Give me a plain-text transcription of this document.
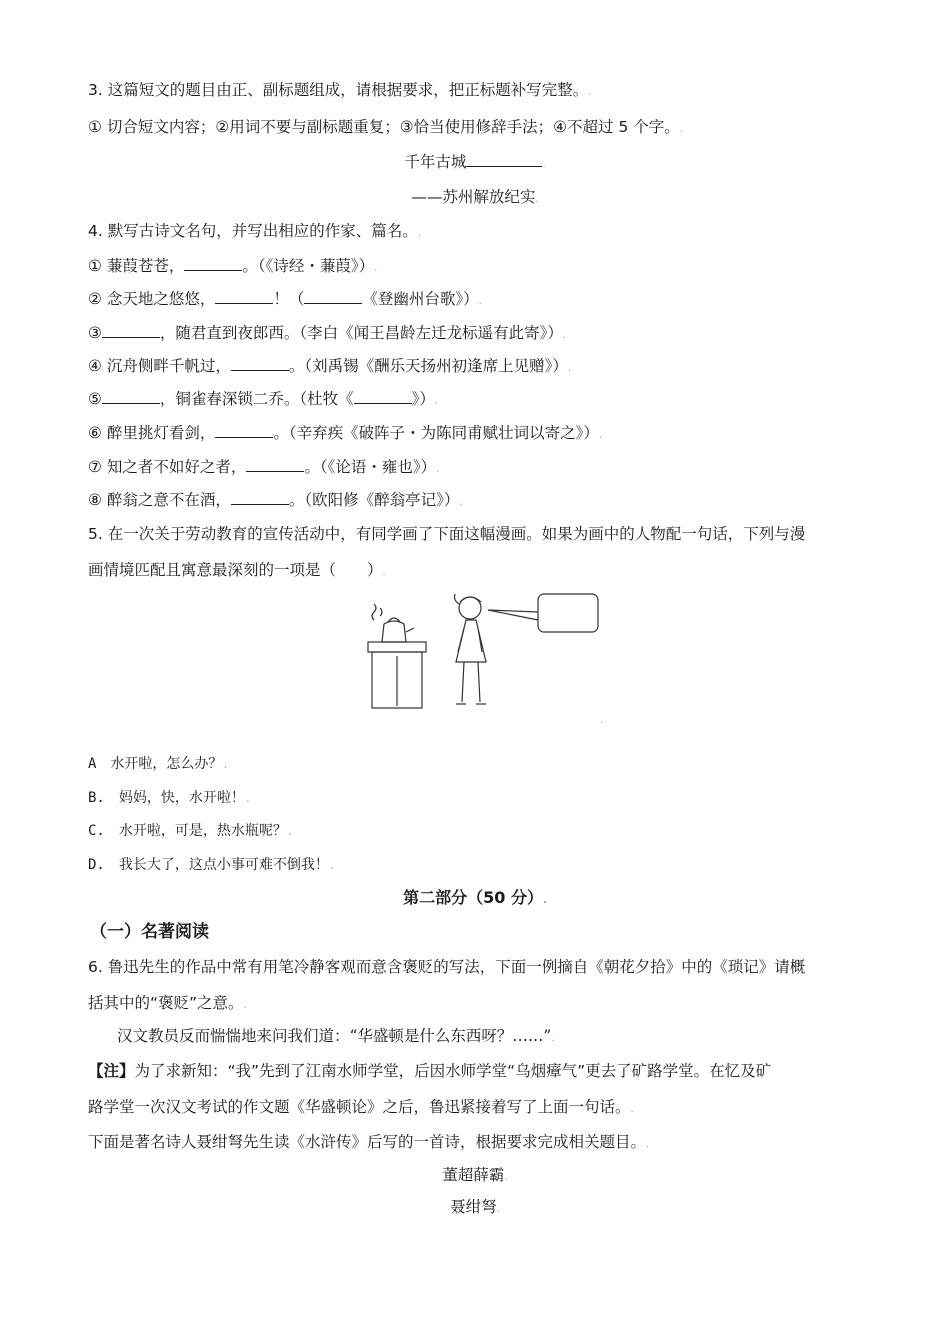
3. 这篇短文的题目由正、副标题组成，请根据要求，把正标题补写完整。.
① 切合短文内容；②用词不要与副标题重复；③恰当使用修辞手法；④不超过 5 个字。.
千年古城	.
——苏州解放纪实.
4. 默写古诗文名句，并写出相应的作家、篇名。.
① 蒹葭苍苍，	。（《诗经・蒹葭》）.
② 念天地之悠悠，	！（	《登幽州台歌》）.
③	，随君直到夜郎西。（李白《闻王昌龄左迁龙标遥有此寄》）.
④ 沉舟侧畔千帆过，	。（刘禹锡《酬乐天扬州初逢席上见赠》）.
⑤	，铜雀春深锁二乔。（杜牧《	》）.
⑥ 醉里挑灯看剑，	。（辛弃疾《破阵子・为陈同甫赋壮词以寄之》）.
⑦ 知之者不如好之者，	。（《论语・雍也》）.
⑧ 醉翁之意不在酒，	。（欧阳修《醉翁亭记》）.
5. 在一次关于劳动教育的宣传活动中，有同学画了下面这幅漫画。如果为画中的人物配一句话，下列与漫
画情境匹配且寓意最深刻的一项是（　　）.
.
A　水开啦，怎么办？.
B.　妈妈，快，水开啦！.
C.　水开啦，可是，热水瓶呢？.
D.　我长大了，这点小事可难不倒我！.
第二部分（50 分）.
（一）名著阅读
6. 鲁迅先生的作品中常有用笔冷静客观而意含褒贬的写法，下面一例摘自《朝花夕拾》中的《琐记》请概
括其中的“褒贬”之意。.
汉文教员反而惴惴地来问我们道：“华盛顿是什么东西呀？……”.
【注】为了求新知：“我”先到了江南水师学堂，后因水师学堂“乌烟瘴气”更去了矿路学堂。在忆及矿
路学堂一次汉文考试的作文题《华盛顿论》之后，鲁迅紧接着写了上面一句话。.
下面是著名诗人聂绀弩先生读《水浒传》后写的一首诗，根据要求完成相关题目。.
董超薛霸.
聂绀弩.
